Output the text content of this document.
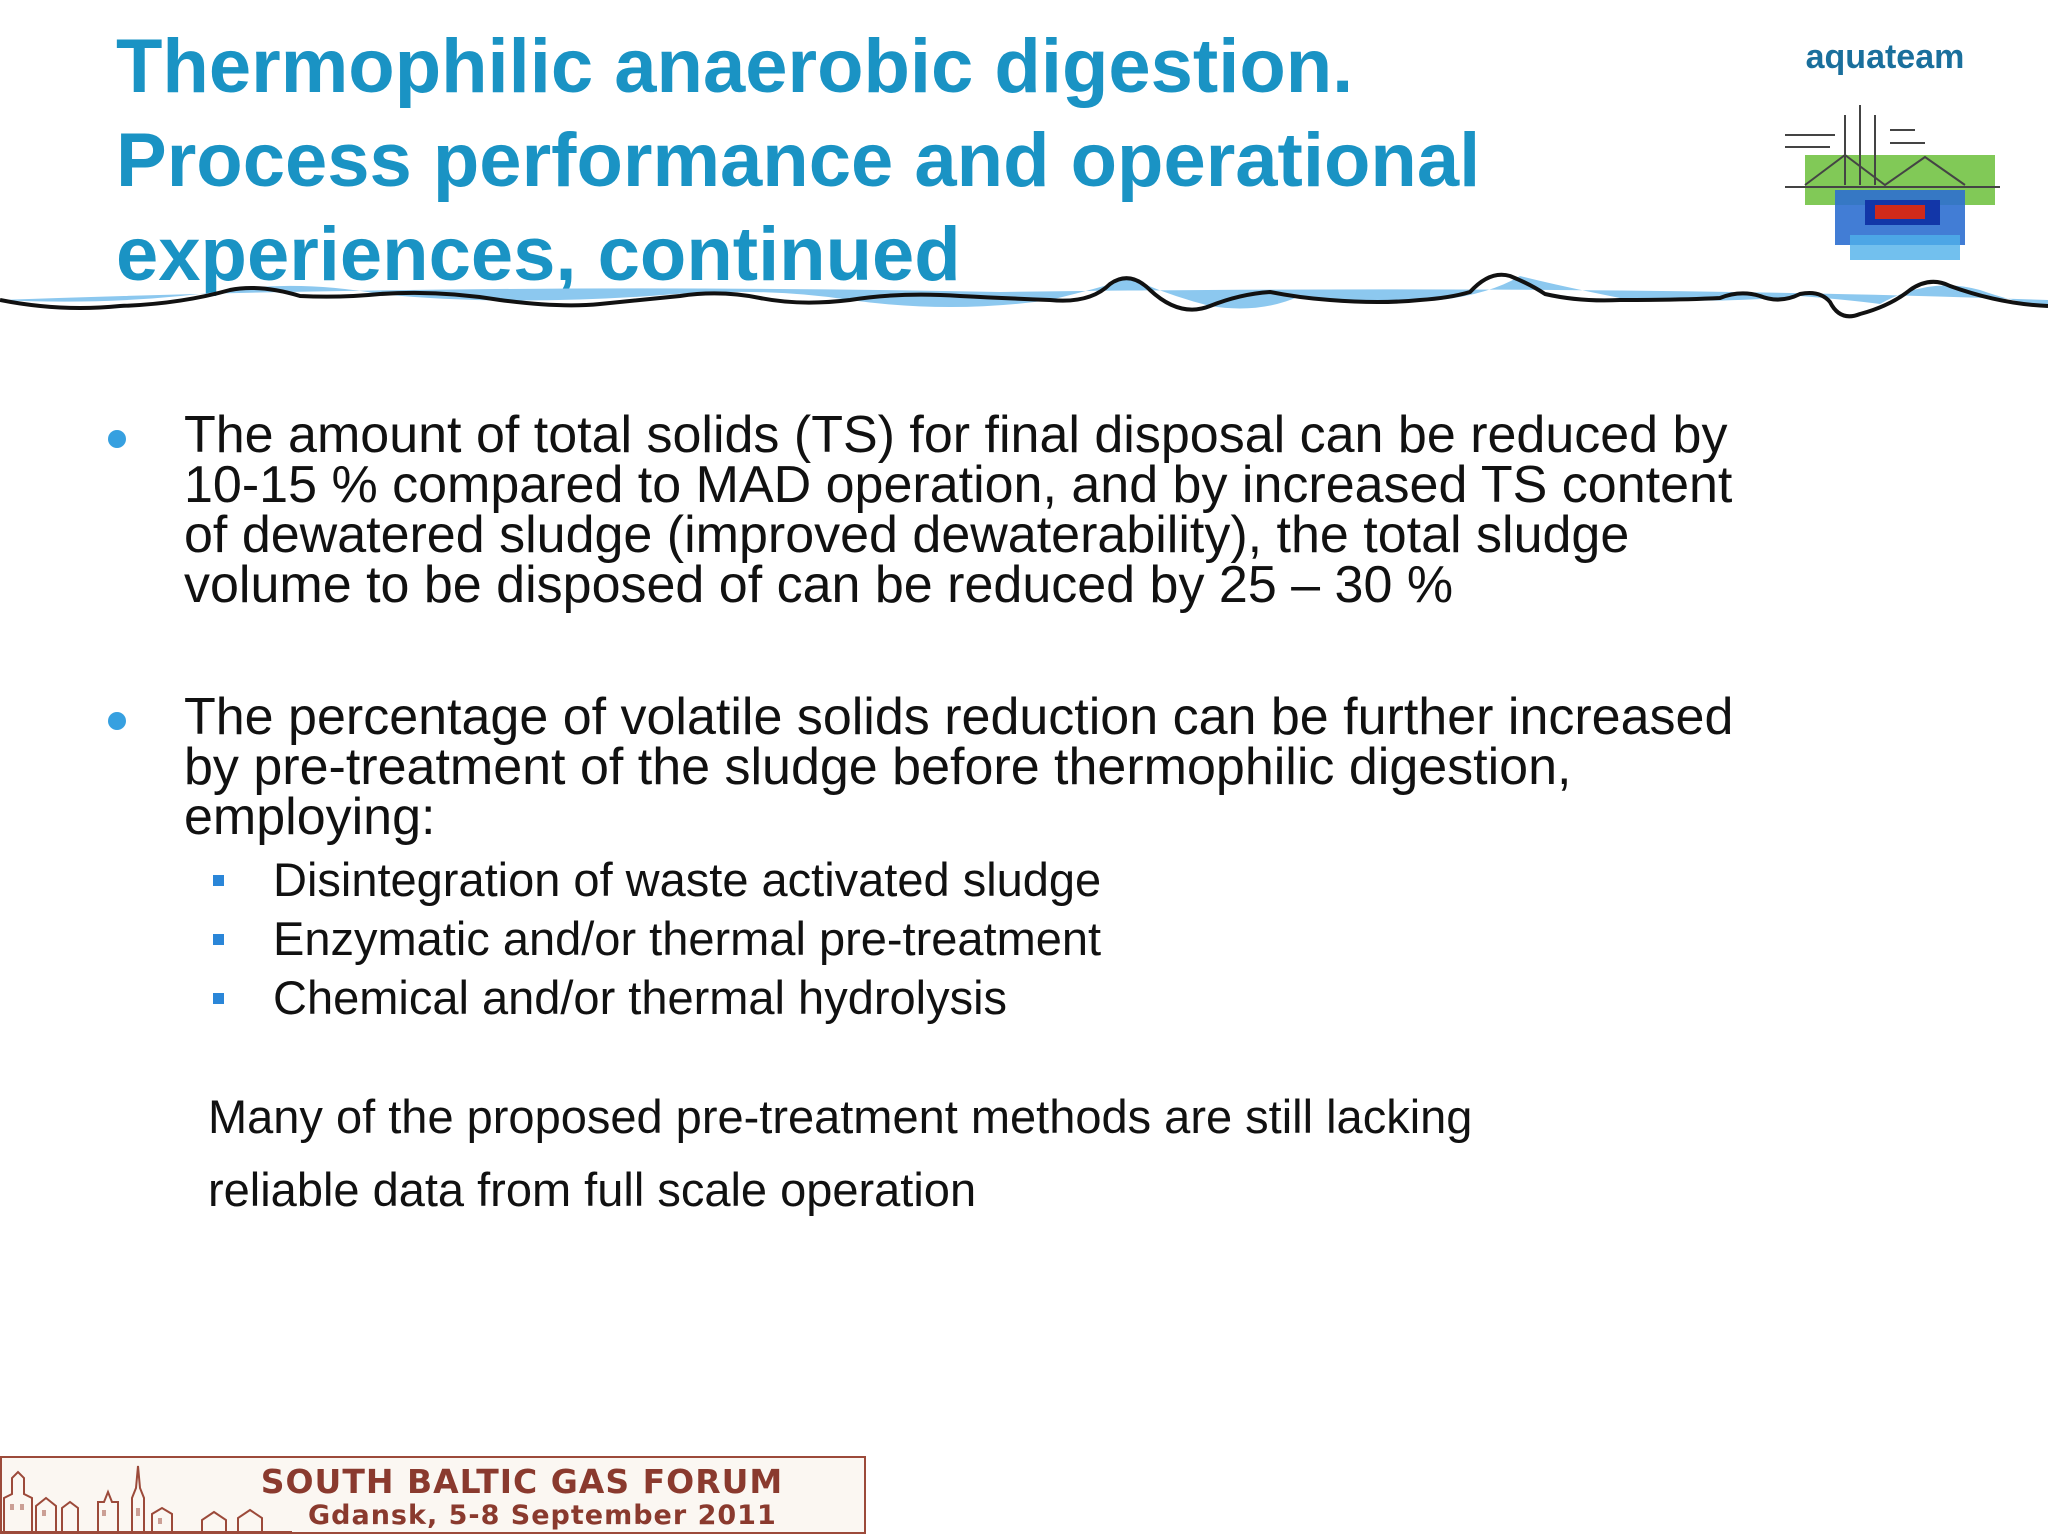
Thermophilic anaerobic digestion.
Process performance and operational
experiences, continued
aquateam
The amount of total solids (TS) for final disposal can be reduced by
10-15 % compared to MAD operation, and by increased TS content
of dewatered sludge (improved dewaterability), the total sludge
volume to be disposed of can be reduced by 25 – 30 %
The percentage of volatile solids reduction can be further increased
by pre-treatment of the sludge before thermophilic digestion,
employing:
Disintegration of waste activated sludge
Enzymatic and/or thermal pre-treatment
Chemical and/or thermal hydrolysis
Many of the proposed pre-treatment methods are still lacking
reliable data from full scale operation
SOUTH BALTIC GAS FORUM
Gdansk, 5-8 September 2011
